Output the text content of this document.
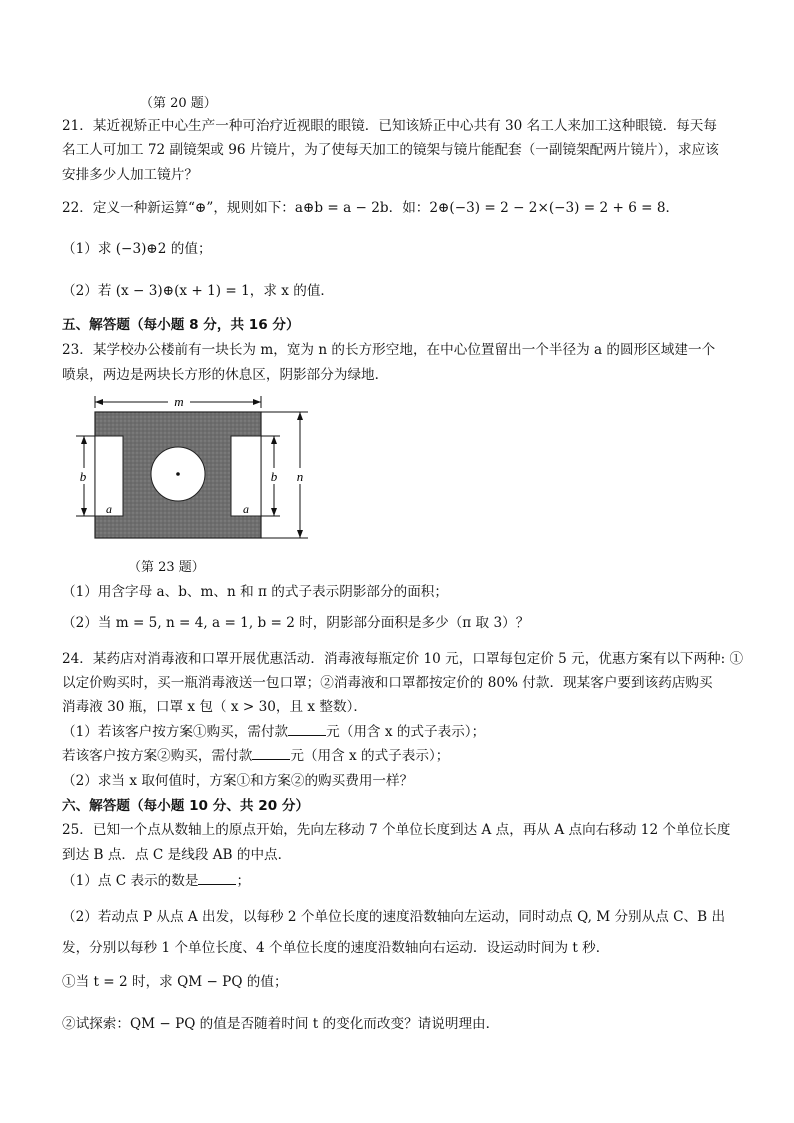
（第 20 题）
21．某近视矫正中心生产一种可治疗近视眼的眼镜．已知该矫正中心共有 30 名工人来加工这种眼镜．每天每
名工人可加工 72 副镜架或 96 片镜片，为了使每天加工的镜架与镜片能配套（一副镜架配两片镜片），求应该
安排多少人加工镜片？
22．定义一种新运算“⊕”，规则如下：a⊕b = a − 2b．如：2⊕(−3) = 2 − 2×(−3) = 2 + 6 = 8．
（1）求 (−3)⊕2 的值；
（2）若 (x − 3)⊕(x + 1) = 1，求 x 的值．
五、解答题（每小题 8 分，共 16 分）
23．某学校办公楼前有一块长为 m，宽为 n 的长方形空地，在中心位置留出一个半径为 a 的圆形区域建一个
喷泉，两边是两块长方形的休息区，阴影部分为绿地．
m
a	a
b	b n
（第 23 题）
（1）用含字母 a、b、m、n 和 π 的式子表示阴影部分的面积；
（2）当 m = 5, n = 4, a = 1, b = 2 时，阴影部分面积是多少（π 取 3）？
24．某药店对消毒液和口罩开展优惠活动．消毒液每瓶定价 10 元，口罩每包定价 5 元，优惠方案有以下两种: ①
以定价购买时，买一瓶消毒液送一包口罩；②消毒液和口罩都按定价的 80% 付款．现某客户要到该药店购买
消毒液 30 瓶，口罩 x 包（ x > 30，且 x 整数）．
（1）若该客户按方案①购买，需付款	元（用含 x 的式子表示）；
若该客户按方案②购买，需付款	元（用含 x 的式子表示）；
（2）求当 x 取何值时，方案①和方案②的购买费用一样？
六、解答题（每小题 10 分、共 20 分）
25．已知一个点从数轴上的原点开始，先向左移动 7 个单位长度到达 A 点，再从 A 点向右移动 12 个单位长度
到达 B 点．点 C 是线段 AB 的中点．
（1）点 C 表示的数是	；
（2）若动点 P 从点 A 出发，以每秒 2 个单位长度的速度沿数轴向左运动，同时动点 Q, M 分别从点 C、B 出
发，分别以每秒 1 个单位长度、4 个单位长度的速度沿数轴向右运动．设运动时间为 t 秒．
①当 t = 2 时，求 QM − PQ 的值；
②试探索：QM − PQ 的值是否随着时间 t 的变化而改变？请说明理由．
